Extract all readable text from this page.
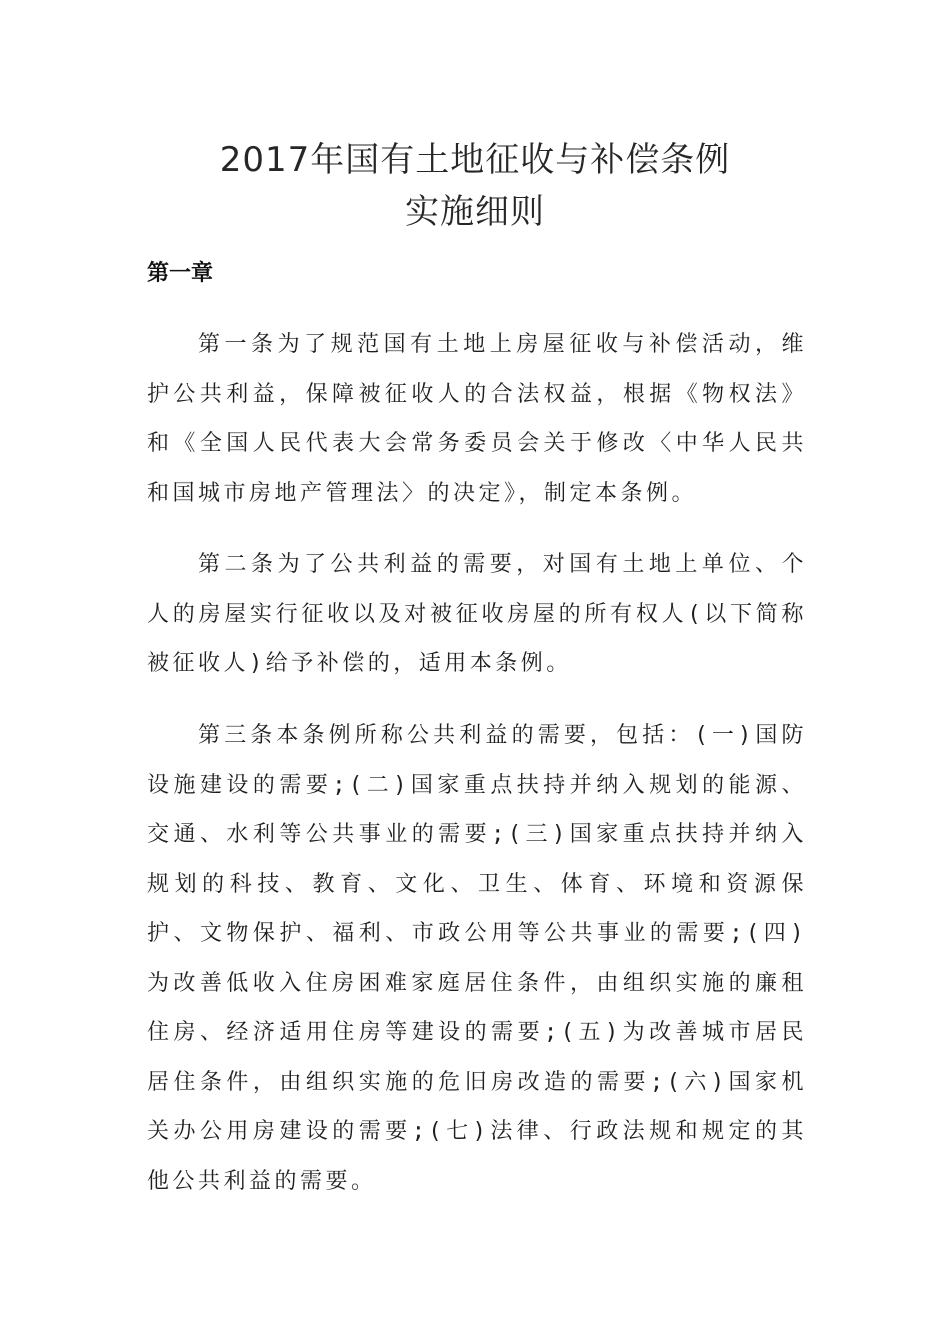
2017年国有土地征收与补偿条例
实施细则
第一章

第一条为了规范国有土地上房屋征收与补偿活动，维护公共利益，保障被征收人的合法权益，根据《物权法》和《全国人民代表大会常务委员会关于修改〈中华人民共和国城市房地产管理法〉的决定》，制定本条例。

第二条为了公共利益的需要，对国有土地上单位、个人的房屋实行征收以及对被征收房屋的所有权人(以下简称被征收人)给予补偿的，适用本条例。

第三条本条例所称公共利益的需要，包括：(一)国防设施建设的需要;(二)国家重点扶持并纳入规划的能源、交通、水利等公共事业的需要;(三)国家重点扶持并纳入规划的科技、教育、文化、卫生、体育、环境和资源保护、文物保护、福利、市政公用等公共事业的需要;(四)为改善低收入住房困难家庭居住条件，由组织实施的廉租住房、经济适用住房等建设的需要;(五)为改善城市居民居住条件，由组织实施的危旧房改造的需要;(六)国家机关办公用房建设的需要;(七)法律、行政法规和规定的其他公共利益的需要。
